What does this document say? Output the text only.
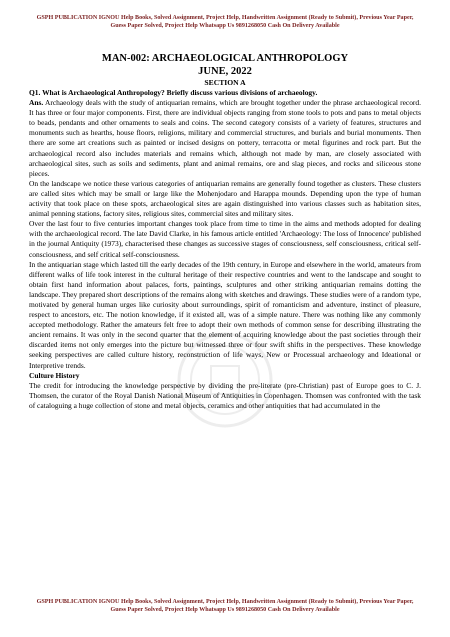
GSPH PUBLICATION IGNOU Help Books, Solved Assignment, Project Help, Handwritten Assignment (Ready to Submit), Previous Year Paper, Guess Paper Solved, Project Help Whatsapp Us 9891268050 Cash On Delivery Available

MAN-002: ARCHAEOLOGICAL ANTHROPOLOGY

JUNE, 2022

SECTION A

Q1. What is Archaeological Anthropology? Briefly discuss various divisions of archaeology.

Ans. Archaeology deals with the study of antiquarian remains, which are brought together under the phrase archaeological record. It has three or four major components. First, there are individual objects ranging from stone tools to pots and pans to metal objects to beads, pendants and other ornaments to seals and coins. The second category consists of a variety of features, structures and monuments such as hearths, house floors, religions, military and commercial structures, and burials and burial monuments. Then there are some art creations such as painted or incised designs on pottery, terracotta or metal figurines and rock part. But the archaeological record also includes materials and remains which, although not made by man, are closely associated with archaeological sites, such as soils and sediments, plant and animal remains, ore and slag pieces, and rocks and siliceous stone pieces.

On the landscape we notice these various categories of antiquarian remains are generally found together as clusters. These clusters are called sites which may be small or large like the Mohenjodaro and Harappa mounds. Depending upon the type of human activity that took place on these spots, archaeological sites are again distinguished into various classes such as habitation sites, animal penning stations, factory sites, religious sites, commercial sites and military sites.

Over the last four to five centuries important changes took place from time to time in the aims and methods adopted for dealing with the archaeological record. The late David Clarke, in his famous article entitled 'Archaeology: The loss of Innocence' published in the journal Antiquity (1973), characterised these changes as successive stages of consciousness, self consciousness, critical self-consciousness, and self critical self-consciousness.

In the antiquarian stage which lasted till the early decades of the 19th century, in Europe and elsewhere in the world, amateurs from different walks of life took interest in the cultural heritage of their respective countries and went to the landscape and sought to obtain first hand information about palaces, forts, paintings, sculptures and other striking antiquarian remains dotting the landscape. They prepared short descriptions of the remains along with sketches and drawings. These studies were of a random type, motivated by general human urges like curiosity about surroundings, spirit of romanticism and adventure, instinct of pleasure, respect to ancestors, etc. The notion knowledge, if it existed all, was of a simple nature. There was nothing like any commonly accepted methodology. Rather the amateurs felt free to adopt their own methods of common sense for describing illustrating the ancient remains. It was only in the second quarter that the element of acquiring knowledge about the past societies through their discarded items not only emerges into the picture but witnessed three or four swift shifts in the perspectives. These knowledge seeking perspectives are called culture history, reconstruction of life ways, New or Processual archaeology and Ideational or Interpretive trends.

Culture History

The credit for introducing the knowledge perspective by dividing the pre-literate (pre-Christian) past of Europe goes to C. J. Thomsen, the curator of the Royal Danish National Museum of Antiquities in Copenhagen. Thomsen was confronted with the task of cataloguing a huge collection of stone and metal objects, ceramics and other antiquities that had accumulated in the

GSPH PUBLICATION IGNOU Help Books, Solved Assignment, Project Help, Handwritten Assignment (Ready to Submit), Previous Year Paper, Guess Paper Solved, Project Help Whatsapp Us 9891268050 Cash On Delivery Available
